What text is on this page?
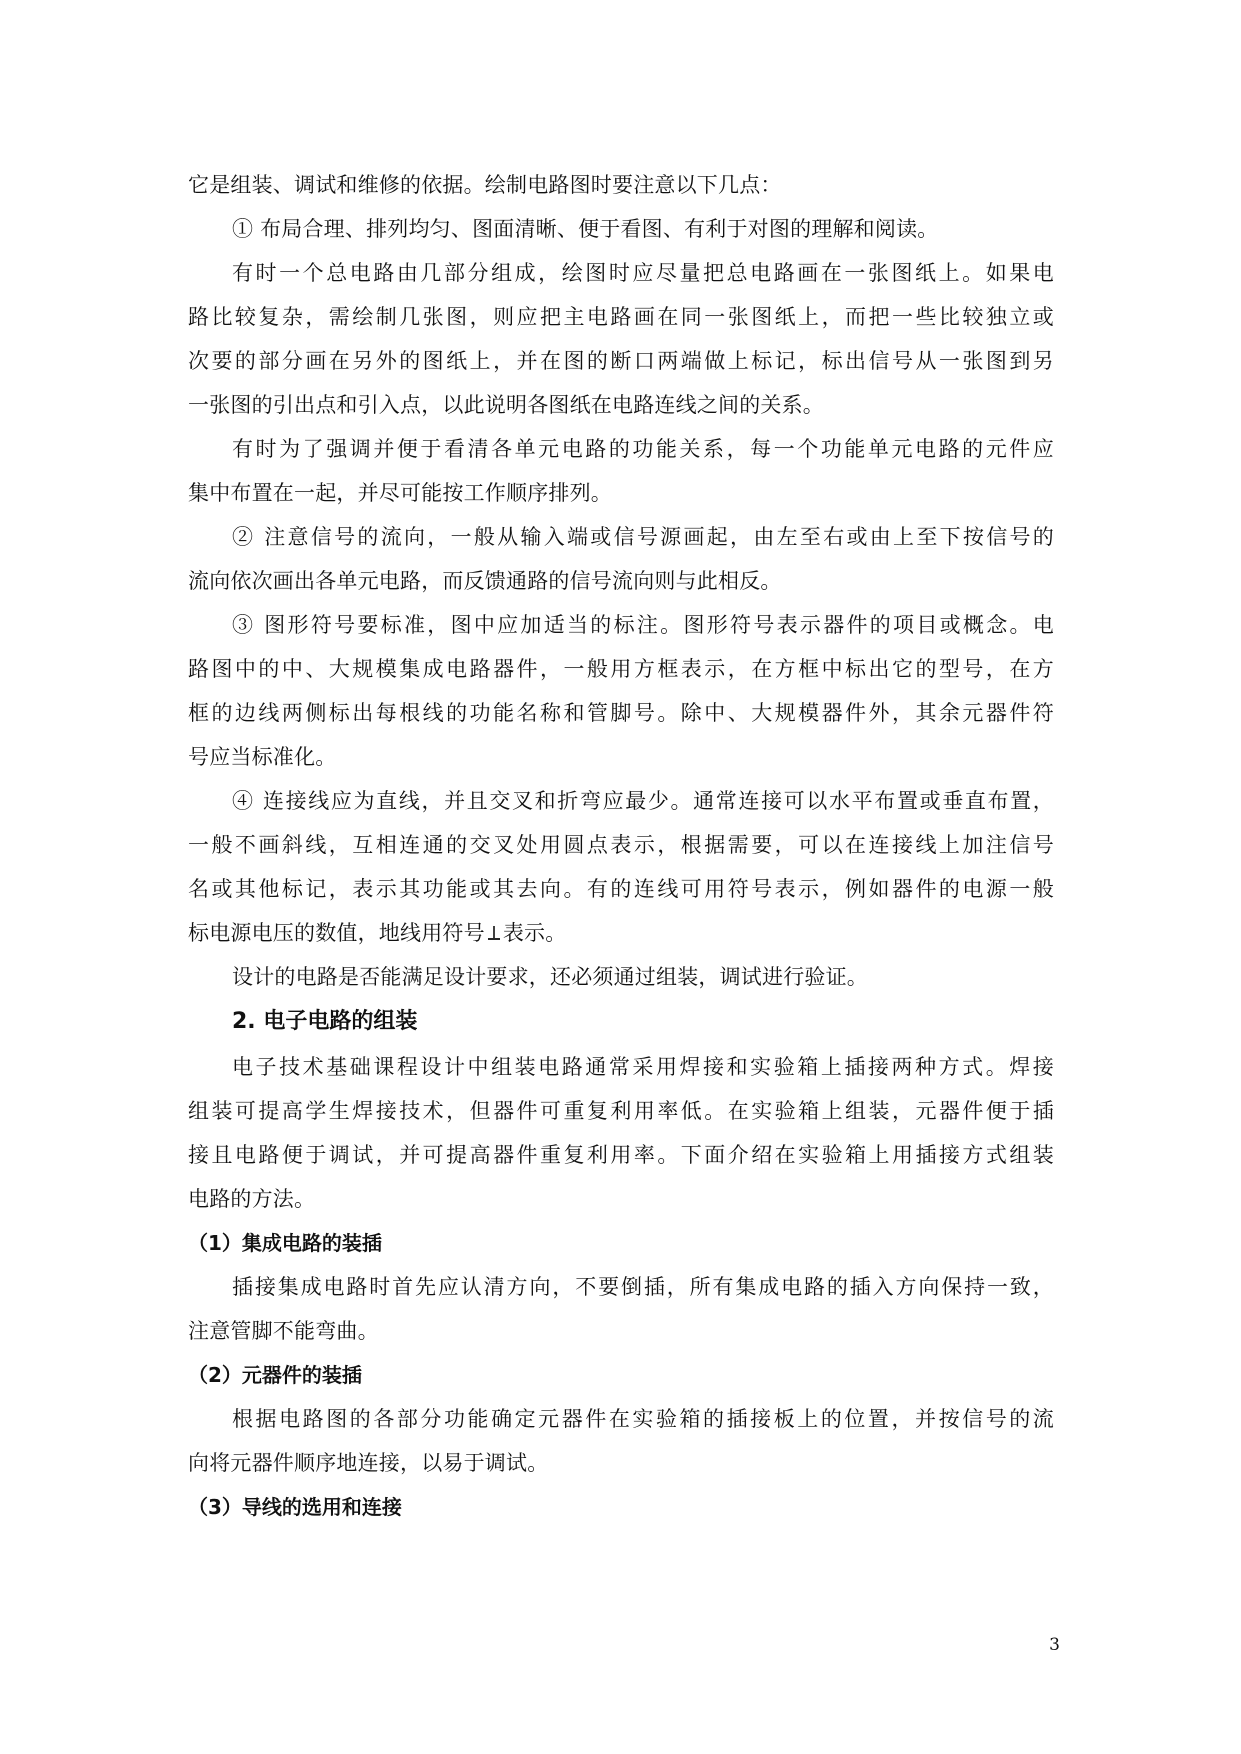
它是组装、调试和维修的依据。绘制电路图时要注意以下几点：
① 布局合理、排列均匀、图面清晰、便于看图、有利于对图的理解和阅读。
有时一个总电路由几部分组成，绘图时应尽量把总电路画在一张图纸上。如果电
路比较复杂，需绘制几张图，则应把主电路画在同一张图纸上，而把一些比较独立或
次要的部分画在另外的图纸上，并在图的断口两端做上标记，标出信号从一张图到另
一张图的引出点和引入点，以此说明各图纸在电路连线之间的关系。
有时为了强调并便于看清各单元电路的功能关系，每一个功能单元电路的元件应
集中布置在一起，并尽可能按工作顺序排列。
② 注意信号的流向，一般从输入端或信号源画起，由左至右或由上至下按信号的
流向依次画出各单元电路，而反馈通路的信号流向则与此相反。
③ 图形符号要标准，图中应加适当的标注。图形符号表示器件的项目或概念。电
路图中的中、大规模集成电路器件，一般用方框表示，在方框中标出它的型号，在方
框的边线两侧标出每根线的功能名称和管脚号。除中、大规模器件外，其余元器件符
号应当标准化。
④ 连接线应为直线，并且交叉和折弯应最少。通常连接可以水平布置或垂直布置，
一般不画斜线，互相连通的交叉处用圆点表示，根据需要，可以在连接线上加注信号
名或其他标记，表示其功能或其去向。有的连线可用符号表示，例如器件的电源一般
标电源电压的数值，地线用符号 表示。
设计的电路是否能满足设计要求，还必须通过组装，调试进行验证。
2. 电子电路的组装
电子技术基础课程设计中组装电路通常采用焊接和实验箱上插接两种方式。焊接
组装可提高学生焊接技术，但器件可重复利用率低。在实验箱上组装，元器件便于插
接且电路便于调试，并可提高器件重复利用率。下面介绍在实验箱上用插接方式组装
电路的方法。
（1）集成电路的装插
插接集成电路时首先应认清方向，不要倒插，所有集成电路的插入方向保持一致，
注意管脚不能弯曲。
（2）元器件的装插
根据电路图的各部分功能确定元器件在实验箱的插接板上的位置，并按信号的流
向将元器件顺序地连接，以易于调试。
（3）导线的选用和连接
3
